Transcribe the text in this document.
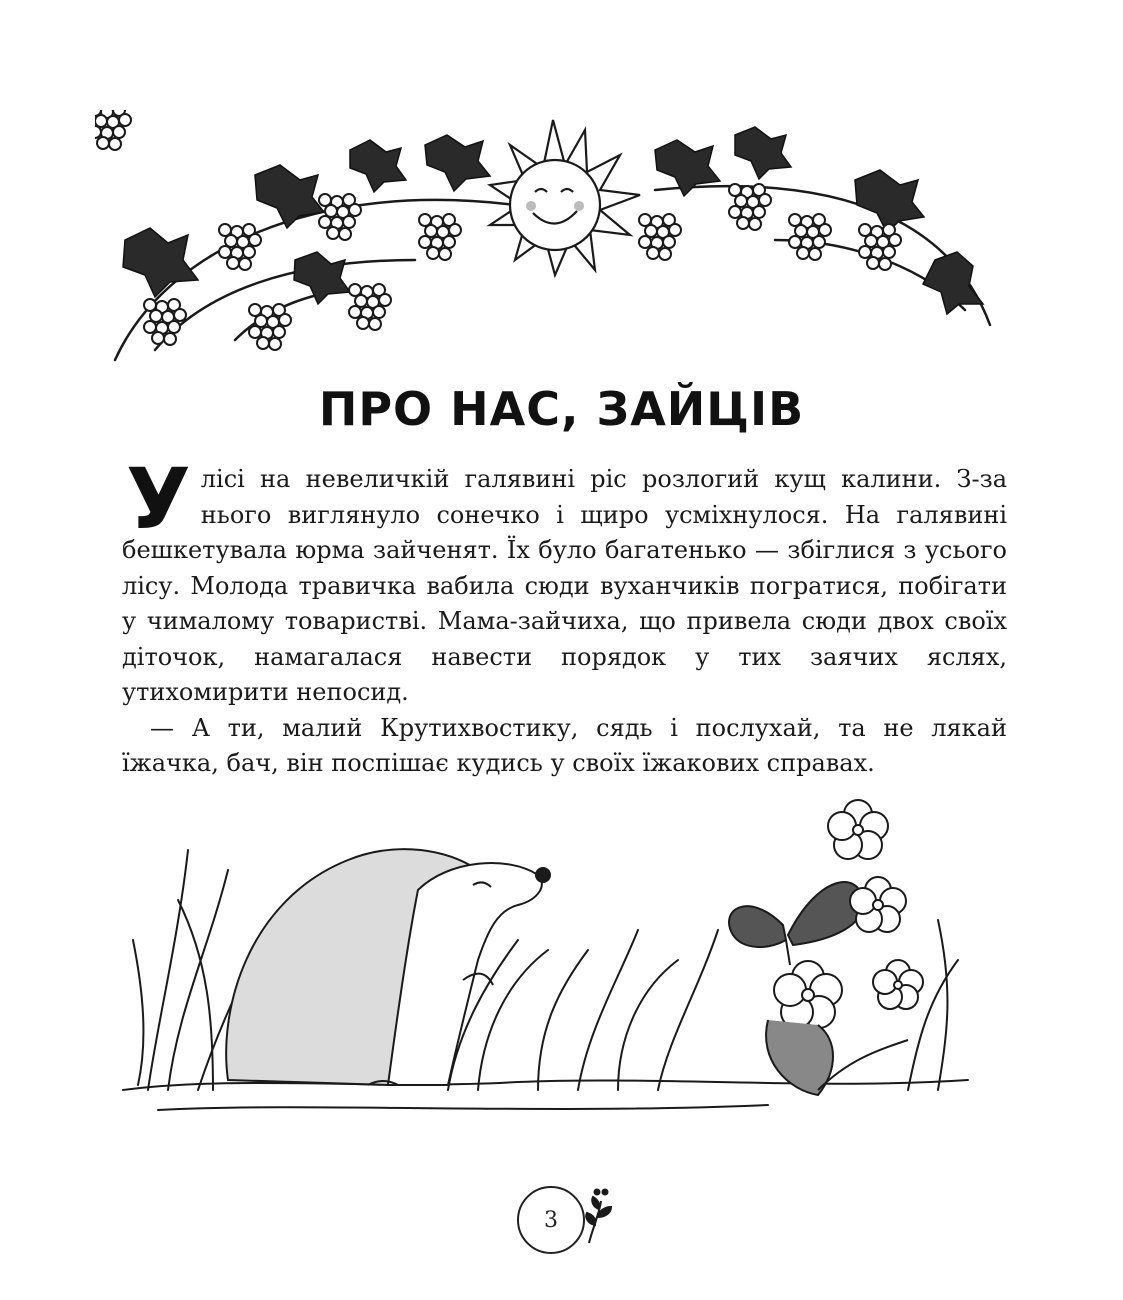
ПРО НАС, ЗАЙЦІВ

Улісі на невеличкій галявині ріс розлогий кущ калини. З-за нього виглянуло сонечко і щиро усміхнулося. На галявині бешкетувала юрма зайченят. Їх було багатенько — збіглися з усього лісу. Молода травичка вабила сюди вуханчиків погратися, побігати у чималому товаристві. Мама-зайчиха, що привела сюди двох своїх діточок, намагалася навести порядок у тих заячих яслях, утихомирити непосид.

— А ти, малий Крутихвостику, сядь і послухай, та не лякай їжачка, бач, він поспішає кудись у своїх їжакових справах.

3
